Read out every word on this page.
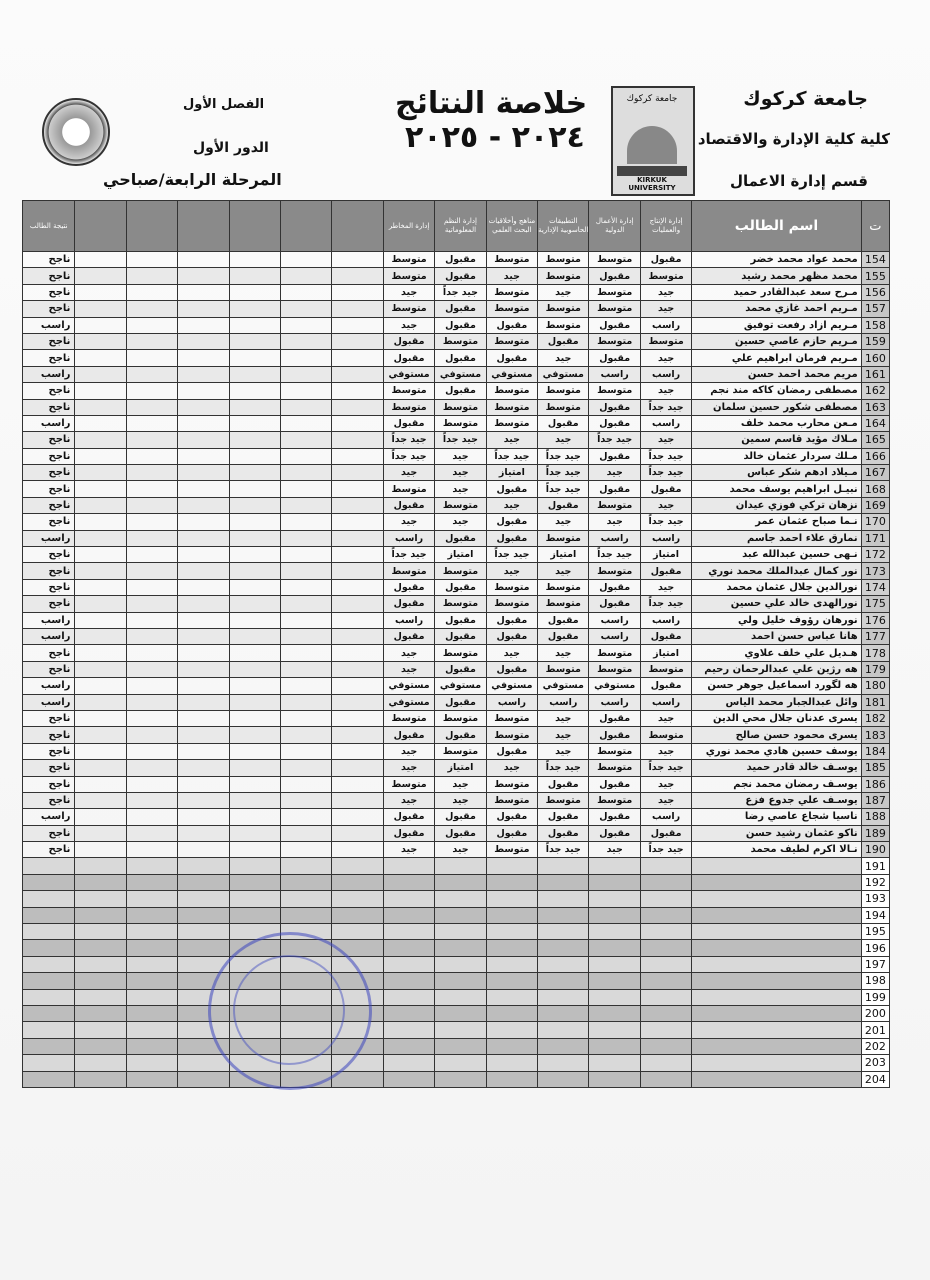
جامعة كركوك
كلية كلية الإدارة والاقتصاد
قسم إدارة الاعمال
خلاصة النتائج
٢٠٢٤ - ٢٠٢٥
الفصل الأول
الدور الأول
المرحلة الرابعة/صباحي
جامعة كركوك
KIRKUK UNIVERSITY
نتيجة الطالب							إدارة المخاطر	إدارة النظم المعلوماتية	مناهج وأخلاقيات البحث العلمي	التطبيقات الحاسوبية الإدارية	إدارة الأعمال الدولية	إدارة الإنتاج والعمليات	اسم الطالب	ت
ناجح							متوسط	مقبول	متوسط	متوسط	متوسط	مقبول	محمد عواد محمد خضر	154
ناجح							متوسط	مقبول	جيد	متوسط	مقبول	متوسط	محمد مظهر محمد رشيد	155
ناجح							جيد	جيد جداً	متوسط	جيد	متوسط	جيد	مـرح سعد عبدالقادر حميد	156
ناجح							متوسط	مقبول	متوسط	متوسط	متوسط	جيد	مـريم احمد غازي محمد	157
راسب							جيد	مقبول	مقبول	متوسط	مقبول	راسب	مـريم ازاد رفعت توفيق	158
ناجح							مقبول	متوسط	متوسط	مقبول	متوسط	متوسط	مـريم حازم عاصي حسين	159
ناجح							مقبول	مقبول	مقبول	جيد	مقبول	جيد	مـريم فرمان ابراهيم علي	160
راسب							مستوفي	مستوفي	مستوفي	مستوفي	راسب	راسب	مريم محمد احمد حسن	161
ناجح							متوسط	مقبول	متوسط	متوسط	متوسط	جيد	مصطفى رمضان كاكه مند نجم	162
ناجح							متوسط	متوسط	متوسط	متوسط	مقبول	جيد جداً	مصطفى شكور حسين سلمان	163
راسب							مقبول	متوسط	متوسط	مقبول	مقبول	راسب	مـعن محارب محمد خلف	164
ناجح							جيد جداً	جيد جداً	جيد	جيد	جيد جداً	جيد	مـلاك مؤيد قاسم سمين	165
ناجح							جيد جداً	جيد	جيد جداً	جيد جداً	مقبول	جيد جداً	مـلك سردار عثمان خالد	166
ناجح							جيد	جيد	امتياز	جيد جداً	جيد	جيد جداً	مـيلاد ادهم شكر عباس	167
ناجح							متوسط	جيد	مقبول	جيد جداً	مقبول	مقبول	نبيـل ابراهيم يوسف محمد	168
ناجح							مقبول	متوسط	جيد	مقبول	متوسط	جيد	نزهان تركي فوزي عيدان	169
ناجح							جيد	جيد	مقبول	جيد	جيد	جيد جداً	نـما صباح عثمان عمر	170
راسب							راسب	مقبول	مقبول	متوسط	راسب	راسب	نمارق علاء احمد جاسم	171
ناجح							جيد جداً	امتياز	جيد جداً	امتياز	جيد جداً	امتياز	نـهى حسين عبدالله عبد	172
ناجح							متوسط	متوسط	جيد	جيد	متوسط	مقبول	نور كمال عبدالملك محمد نوري	173
ناجح							مقبول	مقبول	متوسط	متوسط	مقبول	جيد	نورالدين جلال عثمان محمد	174
ناجح							مقبول	متوسط	متوسط	متوسط	مقبول	جيد جداً	نورالهدى خالد علي حسين	175
راسب							راسب	مقبول	مقبول	مقبول	راسب	راسب	نورهان رؤوف خليل ولي	176
راسب							مقبول	مقبول	مقبول	مقبول	راسب	مقبول	هانا عباس حسن احمد	177
ناجح							جيد	متوسط	جيد	جيد	متوسط	امتياز	هـديل علي خلف علاوي	178
ناجح							جيد	مقبول	مقبول	متوسط	متوسط	متوسط	هه رژين علي عبدالرحمان رحيم	179
راسب							مستوفي	مستوفي	مستوفي	مستوفي	مستوفي	مقبول	هه لگورد اسماعيل جوهر حسن	180
راسب							مستوفي	مقبول	راسب	راسب	راسب	راسب	وائل عبدالجبار محمد الياس	181
ناجح							متوسط	متوسط	متوسط	جيد	مقبول	جيد	يسرى عدنان جلال محي الدين	182
ناجح							مقبول	مقبول	متوسط	جيد	مقبول	متوسط	يسرى محمود حسن صالح	183
ناجح							جيد	متوسط	مقبول	جيد	متوسط	جيد	يوسف حسين هادي محمد نوري	184
ناجح							جيد	امتياز	جيد	جيد جداً	متوسط	جيد جداً	يوسـف خالد قادر حميد	185
ناجح							متوسط	جيد	متوسط	مقبول	مقبول	جيد	يوسـف رمضان محمد نجم	186
ناجح							جيد	جيد	متوسط	متوسط	متوسط	جيد	يوسـف علي جدوع فزع	187
راسب							مقبول	مقبول	مقبول	مقبول	مقبول	راسب	ناسيا شجاع عاصي رضا	188
ناجح							مقبول	مقبول	مقبول	مقبول	مقبول	مقبول	ناكو عثمان رشيد حسن	189
ناجح							جيد	جيد	متوسط	جيد جداً	جيد	جيد جداً	نـالا اكرم لطيف محمد	190
														191
														192
														193
														194
														195
														196
														197
														198
														199
														200
														201
														202
														203
														204
